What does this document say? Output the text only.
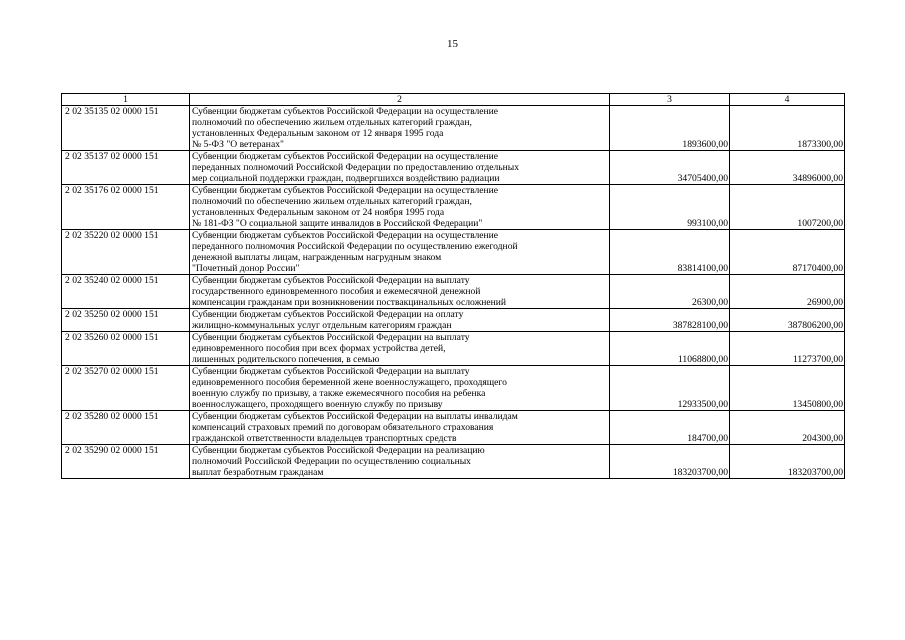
15
1	2	3	4
2 02 35135 02 0000 151	Субвенции бюджетам субъектов Российской Федерации на осуществление
полномочий по обеспечению жильем отдельных категорий граждан,
установленных Федеральным законом от 12 января 1995 года
№ 5-ФЗ "О ветеранах"	1893600,00	1873300,00
2 02 35137 02 0000 151	Субвенции бюджетам субъектов Российской Федерации на осуществление
переданных полномочий Российской Федерации по предоставлению отдельных
мер социальной поддержки граждан, подвергшихся воздействию радиации	34705400,00	34896000,00
2 02 35176 02 0000 151	Субвенции бюджетам субъектов Российской Федерации на осуществление
полномочий по обеспечению жильем отдельных категорий граждан,
установленных Федеральным законом от 24 ноября 1995 года
№ 181-ФЗ "О социальной защите инвалидов в Российской Федерации"	993100,00	1007200,00
2 02 35220 02 0000 151	Субвенции бюджетам субъектов Российской Федерации на осуществление
переданного полномочия Российской Федерации по осуществлению ежегодной
денежной выплаты лицам, награжденным нагрудным знаком
"Почетный донор России"	83814100,00	87170400,00
2 02 35240 02 0000 151	Субвенции бюджетам субъектов Российской Федерации на выплату
государственного единовременного пособия и ежемесячной денежной
компенсации гражданам при возникновении поствакцинальных осложнений	26300,00	26900,00
2 02 35250 02 0000 151	Субвенции бюджетам субъектов Российской Федерации на оплату
жилищно-коммунальных услуг отдельным категориям граждан	387828100,00	387806200,00
2 02 35260 02 0000 151	Субвенции бюджетам субъектов Российской Федерации на выплату
единовременного пособия при всех формах устройства детей,
лишенных родительского попечения, в семью	11068800,00	11273700,00
2 02 35270 02 0000 151	Субвенции бюджетам субъектов Российской Федерации на выплату
единовременного пособия беременной жене военнослужащего, проходящего
военную службу по призыву, а также ежемесячного пособия на ребенка
военнослужащего, проходящего военную службу по призыву	12933500,00	13450800,00
2 02 35280 02 0000 151	Субвенции бюджетам субъектов Российской Федерации на выплаты инвалидам
компенсаций страховых премий по договорам обязательного страхования
гражданской ответственности владельцев транспортных средств	184700,00	204300,00
2 02 35290 02 0000 151	Субвенции бюджетам субъектов Российской Федерации на реализацию
полномочий Российской Федерации по осуществлению социальных
выплат безработным гражданам	183203700,00	183203700,00
